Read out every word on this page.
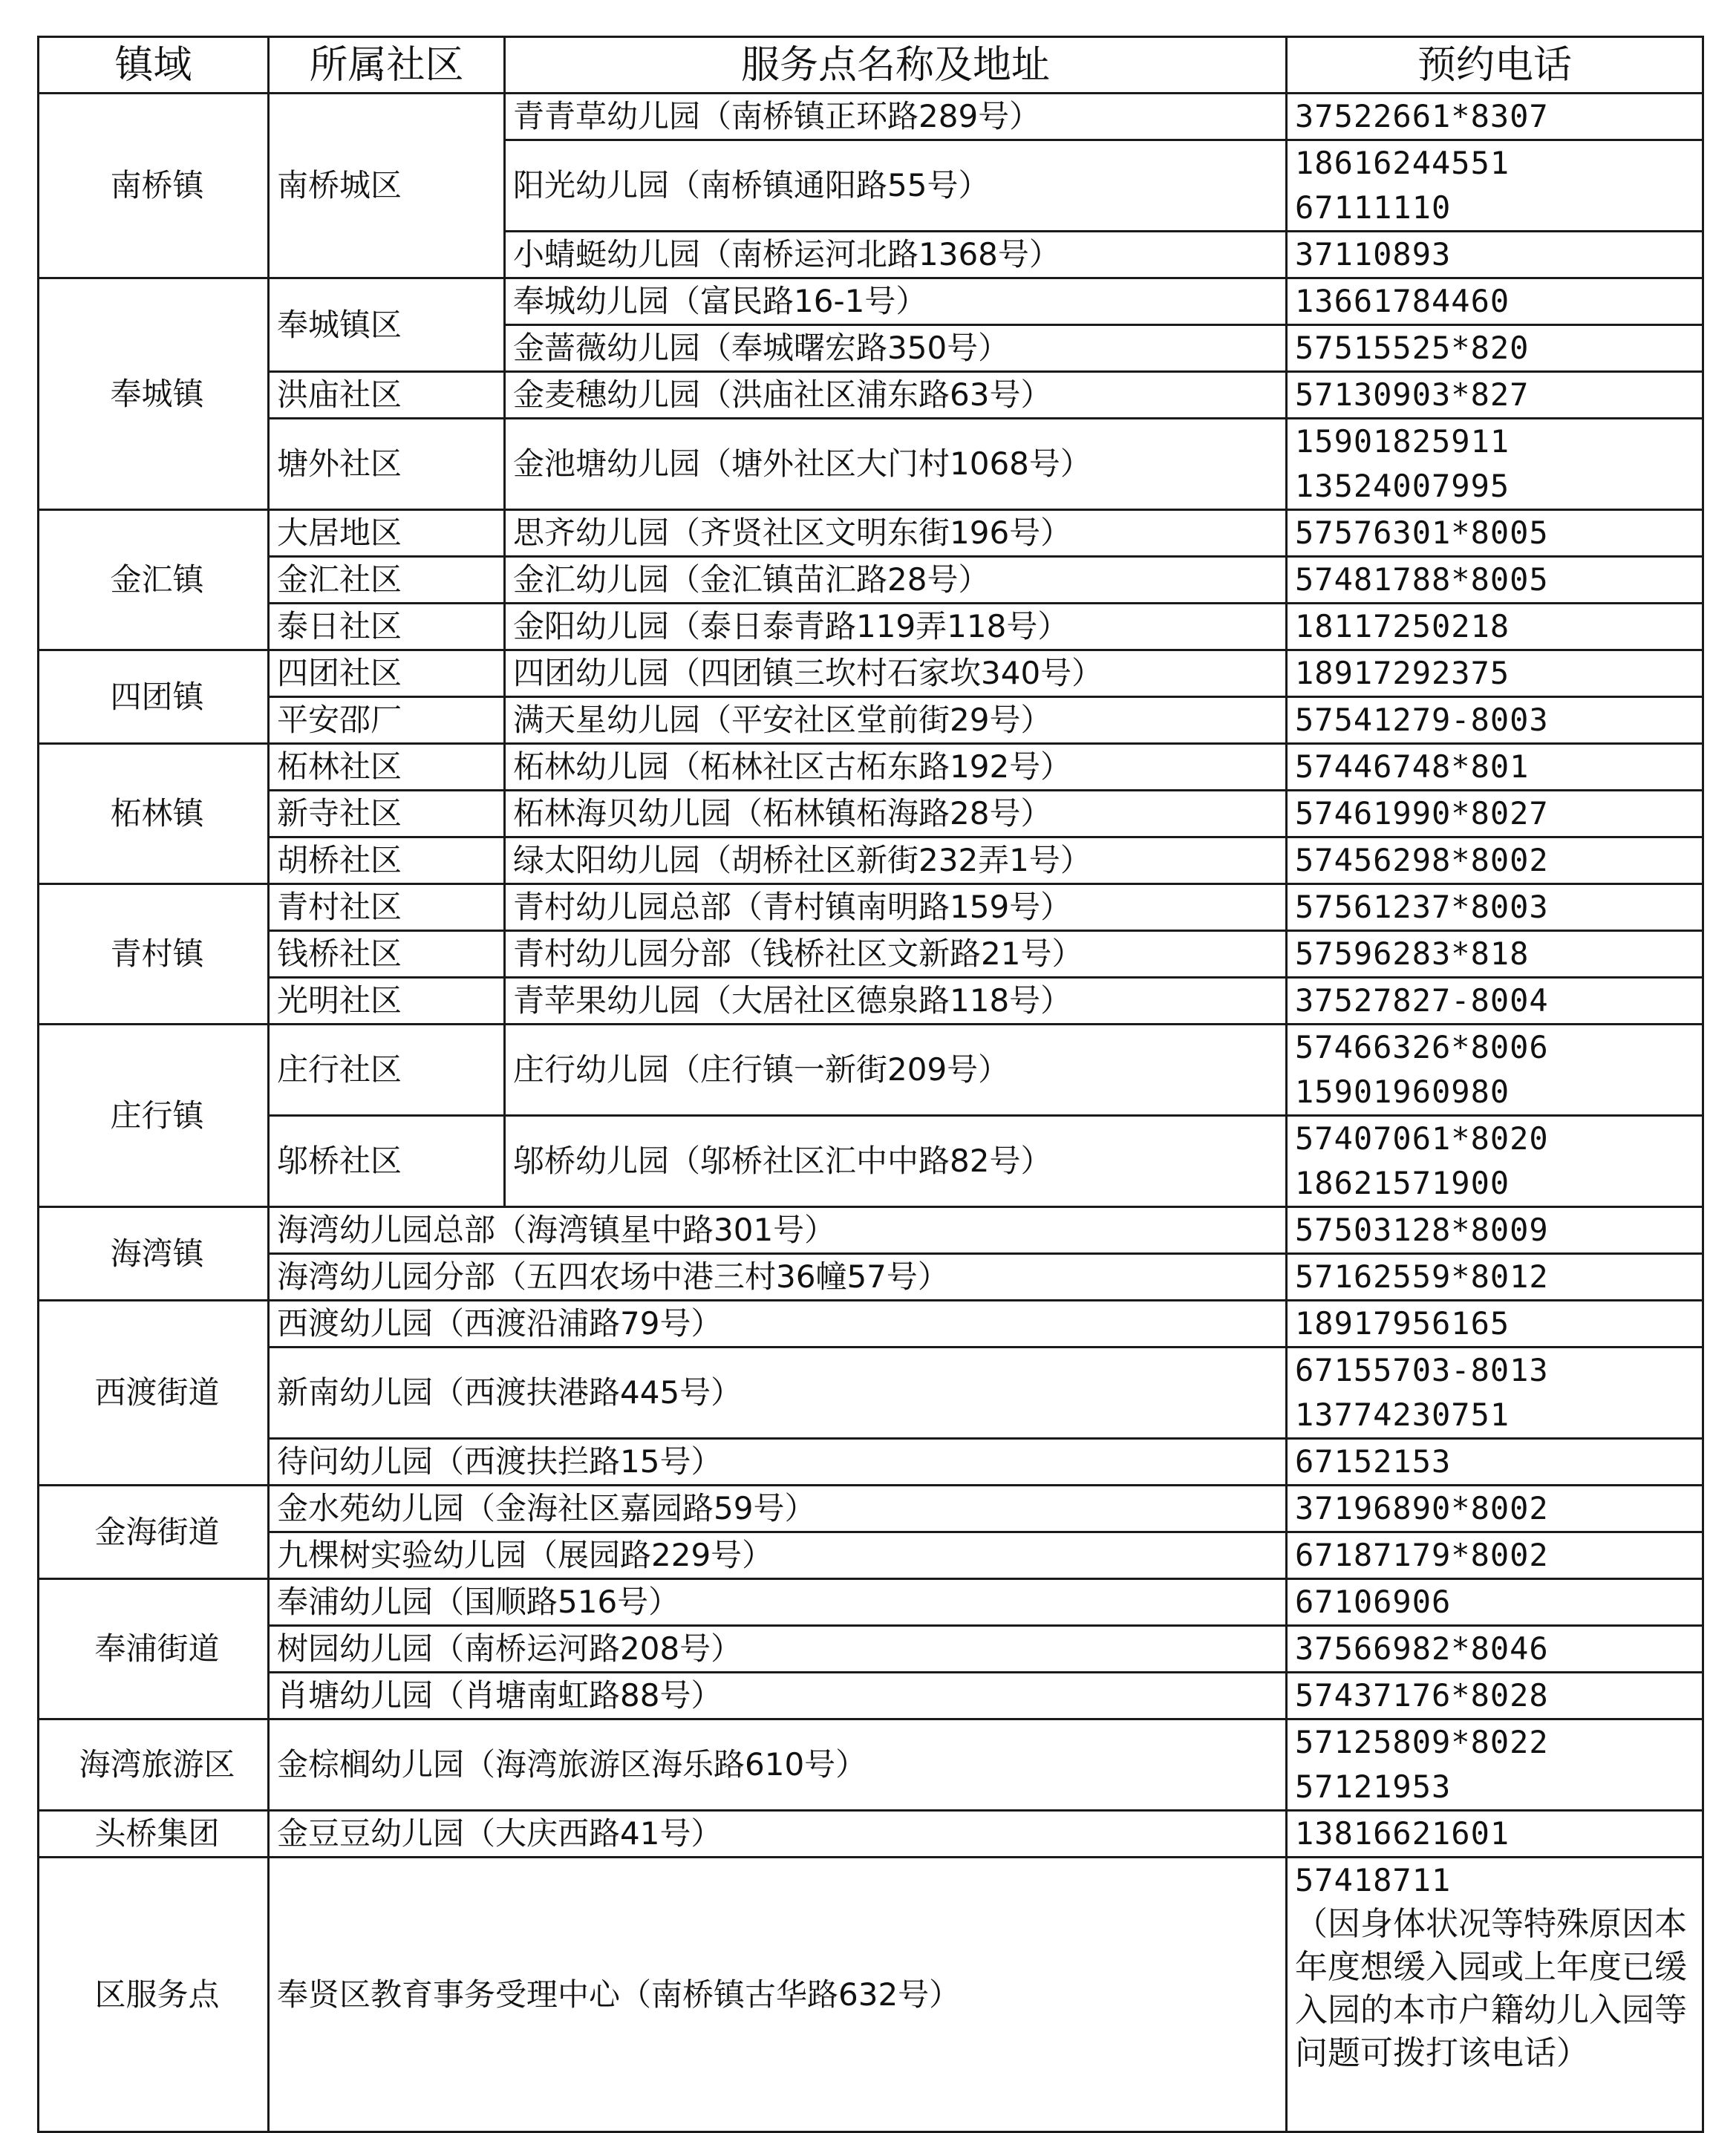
镇域	所属社区	服务点名称及地址	预约电话
南桥镇	南桥城区	青青草幼儿园（南桥镇正环路289号）	37522661*8307

		阳光幼儿园（南桥镇通阳路55号）	18616244551
67111110

		小蜻蜓幼儿园（南桥运河北路1368号）	37110893

奉城镇	奉城镇区	奉城幼儿园（富民路16-1号）	13661784460

		金蔷薇幼儿园（奉城曙宏路350号）	57515525*820

	洪庙社区	金麦穗幼儿园（洪庙社区浦东路63号）	57130903*827

	塘外社区	金池塘幼儿园（塘外社区大门村1068号）	15901825911
13524007995

金汇镇	大居地区	思齐幼儿园（齐贤社区文明东街196号）	57576301*8005

	金汇社区	金汇幼儿园（金汇镇苗汇路28号）	57481788*8005

	泰日社区	金阳幼儿园（泰日泰青路119弄118号）	18117250218

四团镇	四团社区	四团幼儿园（四团镇三坎村石家坎340号）	18917292375

	平安邵厂	满天星幼儿园（平安社区堂前街29号）	57541279-8003

柘林镇	柘林社区	柘林幼儿园（柘林社区古柘东路192号）	57446748*801

	新寺社区	柘林海贝幼儿园（柘林镇柘海路28号）	57461990*8027

	胡桥社区	绿太阳幼儿园（胡桥社区新街232弄1号）	57456298*8002

青村镇	青村社区	青村幼儿园总部（青村镇南明路159号）	57561237*8003

	钱桥社区	青村幼儿园分部（钱桥社区文新路21号）	57596283*818

	光明社区	青苹果幼儿园（大居社区德泉路118号）	37527827-8004

庄行镇	庄行社区	庄行幼儿园（庄行镇一新街209号）	57466326*8006
15901960980

	邬桥社区	邬桥幼儿园（邬桥社区汇中中路82号）	57407061*8020
18621571900

海湾镇	海湾幼儿园总部（海湾镇星中路301号）		57503128*8009

	海湾幼儿园分部（五四农场中港三村36幢57号）		57162559*8012

西渡街道	西渡幼儿园（西渡沿浦路79号）		18917956165

	新南幼儿园（西渡扶港路445号）		67155703-8013
13774230751

	待问幼儿园（西渡扶拦路15号）		67152153

金海街道	金水苑幼儿园（金海社区嘉园路59号）		37196890*8002

	九棵树实验幼儿园（展园路229号）		67187179*8002

奉浦街道	奉浦幼儿园（国顺路516号）		67106906

	树园幼儿园（南桥运河路208号）		37566982*8046

	肖塘幼儿园（肖塘南虹路88号）		57437176*8028

海湾旅游区	金棕榈幼儿园（海湾旅游区海乐路610号）		57125809*8022
57121953

头桥集团	金豆豆幼儿园（大庆西路41号）		13816621601

区服务点	奉贤区教育事务受理中心（南桥镇古华路632号）		57418711
（因身体状况等特殊原因本年度想缓入园或上年度已缓入园的本市户籍幼儿入园等问题可拨打该电话）
